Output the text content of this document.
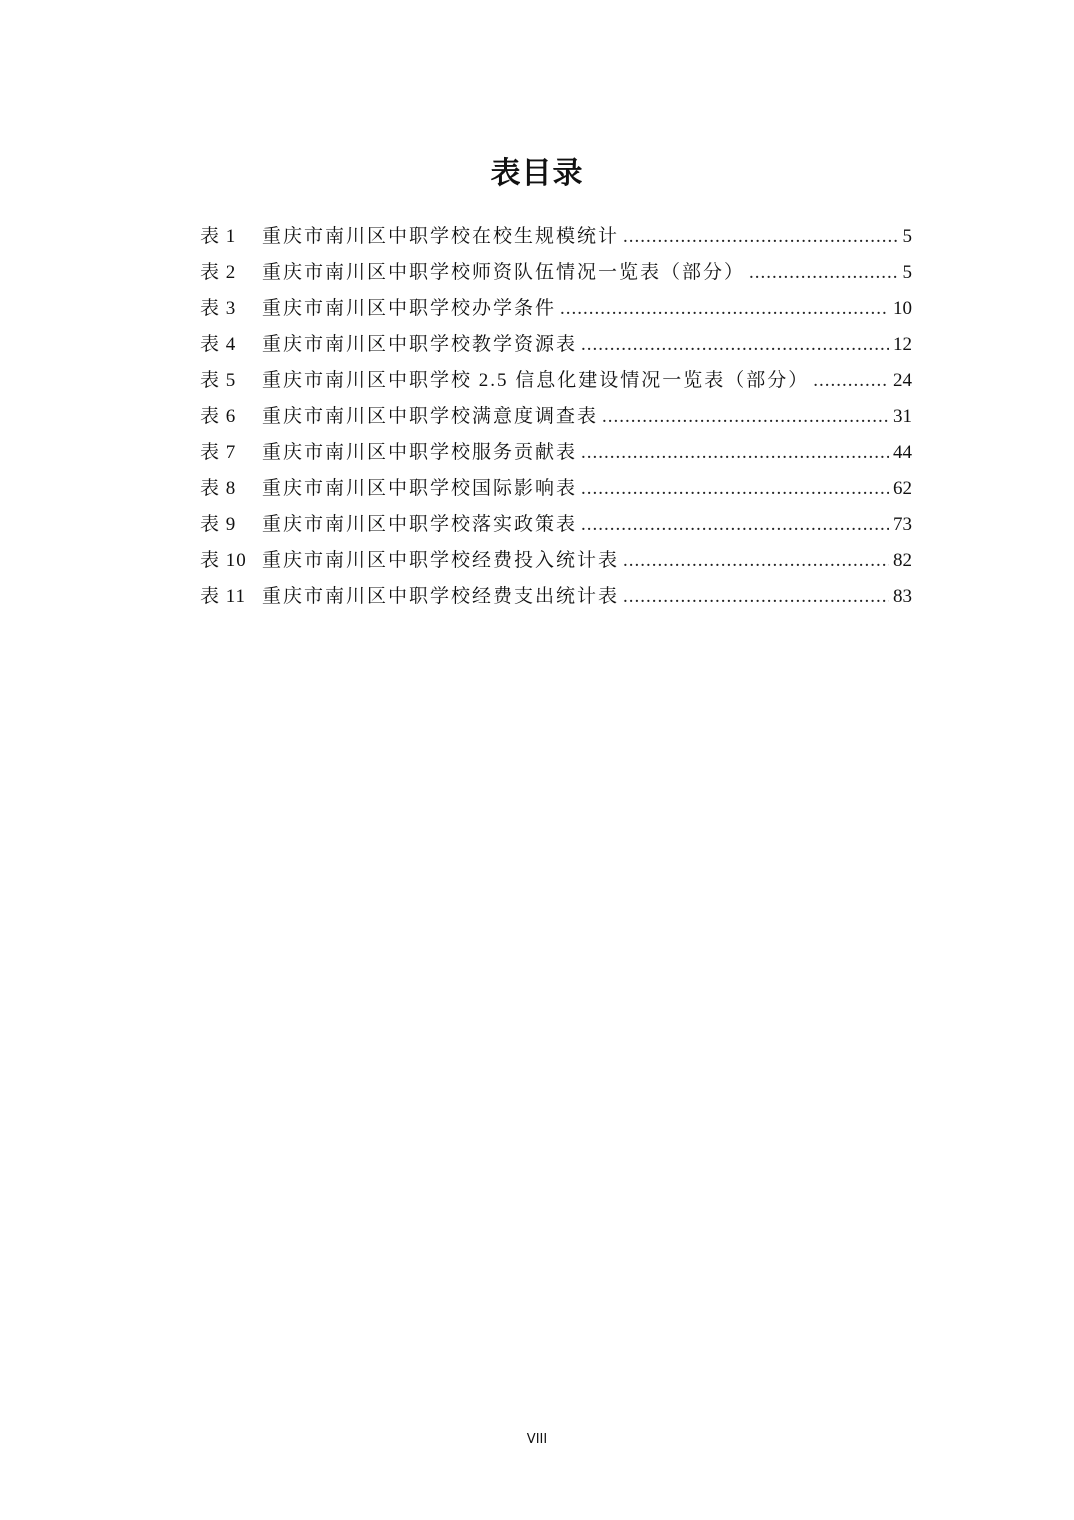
表目录
表 1	重庆市南川区中职学校在校生规模统计 .....	5
表 2	重庆市南川区中职学校师资队伍情况一览表（部分） .....	5
表 3	重庆市南川区中职学校办学条件 .....	10
表 4	重庆市南川区中职学校教学资源表 .....	12
表 5	重庆市南川区中职学校 2.5 信息化建设情况一览表（部分） .....	24
表 6	重庆市南川区中职学校满意度调查表 .....	31
表 7	重庆市南川区中职学校服务贡献表 .....	44
表 8	重庆市南川区中职学校国际影响表 .....	62
表 9	重庆市南川区中职学校落实政策表 .....	73
表 10 重庆市南川区中职学校经费投入统计表 .....	82
表 11 重庆市南川区中职学校经费支出统计表 .....	83
VIII
